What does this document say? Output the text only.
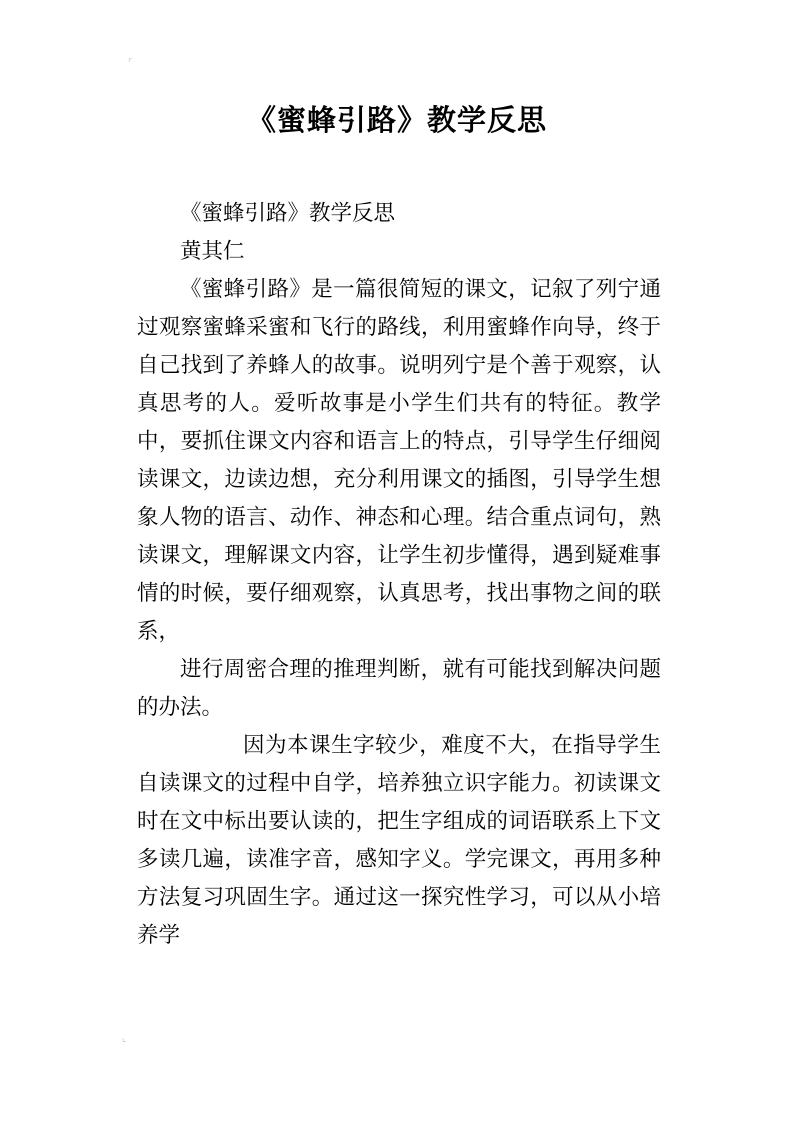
⌜
《蜜蜂引路》教学反思

《蜜蜂引路》教学反思

黄其仁

《蜜蜂引路》是一篇很简短的课文，记叙了列宁通过观察蜜蜂采蜜和飞行的路线，利用蜜蜂作向导，终于自己找到了养蜂人的故事。说明列宁是个善于观察，认真思考的人。爱听故事是小学生们共有的特征。教学中，要抓住课文内容和语言上的特点，引导学生仔细阅读课文，边读边想，充分利用课文的插图，引导学生想象人物的语言、动作、神态和心理。结合重点词句，熟读课文，理解课文内容，让学生初步懂得，遇到疑难事情的时候，要仔细观察，认真思考，找出事物之间的联系，

进行周密合理的推理判断，就有可能找到解决问题的办法。

因为本课生字较少，难度不大，在指导学生自读课文的过程中自学，培养独立识字能力。初读课文时在文中标出要认读的，把生字组成的词语联系上下文多读几遍，读准字音，感知字义。学完课文，再用多种方法复习巩固生字。通过这一探究性学习，可以从小培养学

⌞
